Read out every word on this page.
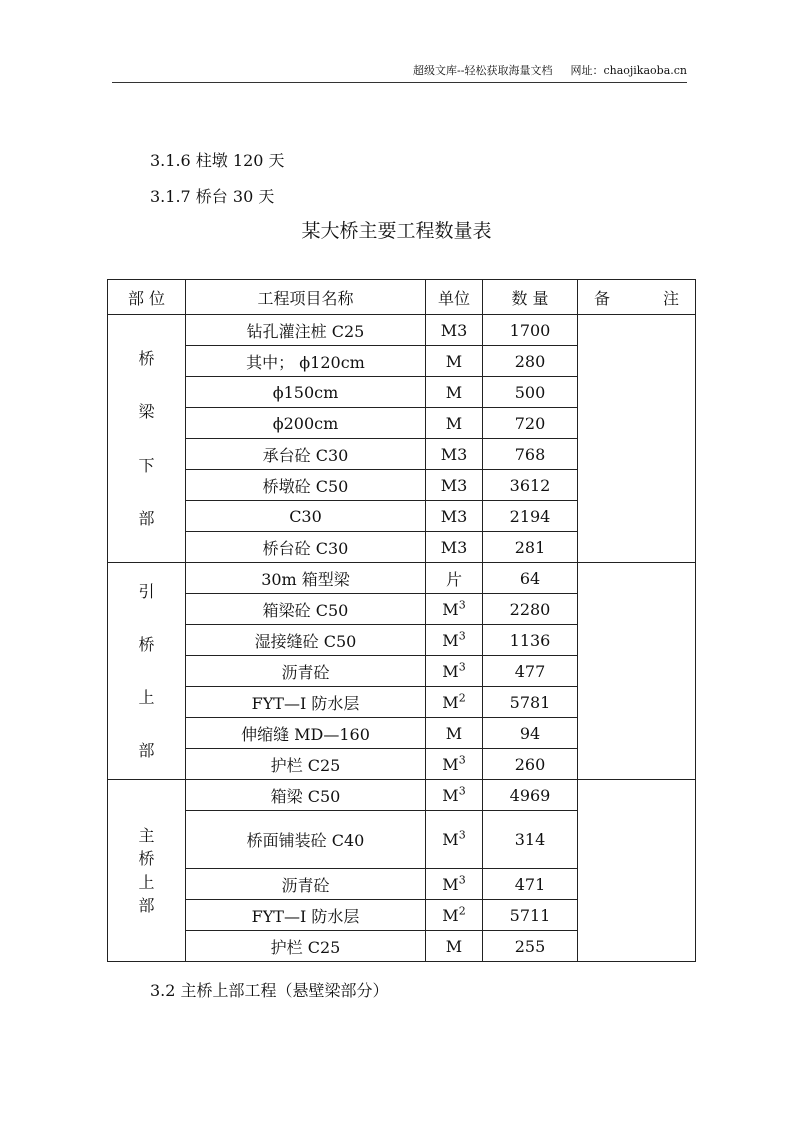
超级文库--轻松获取海量文档 网址：chaojikaoba.cn
3.1.6 柱墩 120 天
3.1.7 桥台 30 天
某大桥主要工程数量表
部 位	工程项目名称	单位	数 量	备 注

桥
梁
下
部	钻孔灌注桩 C25	M3	1700	
	其中； ϕ120cm	M	280	
	ϕ150cm	M	500	
	ϕ200cm	M	720	
	承台砼 C30	M3	768	
	桥墩砼 C50	M3	3612	
	C30	M3	2194	
	桥台砼 C30	M3	281	

引
桥
上
部	30m 箱型梁	片	64	
	箱梁砼 C50	$M^3$	2280	
	湿接缝砼 C50	$M^3$	1136	
	沥青砼	$M^3$	477	
	FYT—I 防水层	$M^2$	5781	
	伸缩缝 MD—160	M	94	
	护栏 C25	$M^3$	260	

主
桥
上
部	箱梁 C50	$M^3$	4969	
	桥面铺装砼 C40	$M^3$	314	
	沥青砼	$M^3$	471	
	FYT—I 防水层	$M^2$	5711	
	护栏 C25	M	255	
3.2 主桥上部工程（悬壁梁部分）
